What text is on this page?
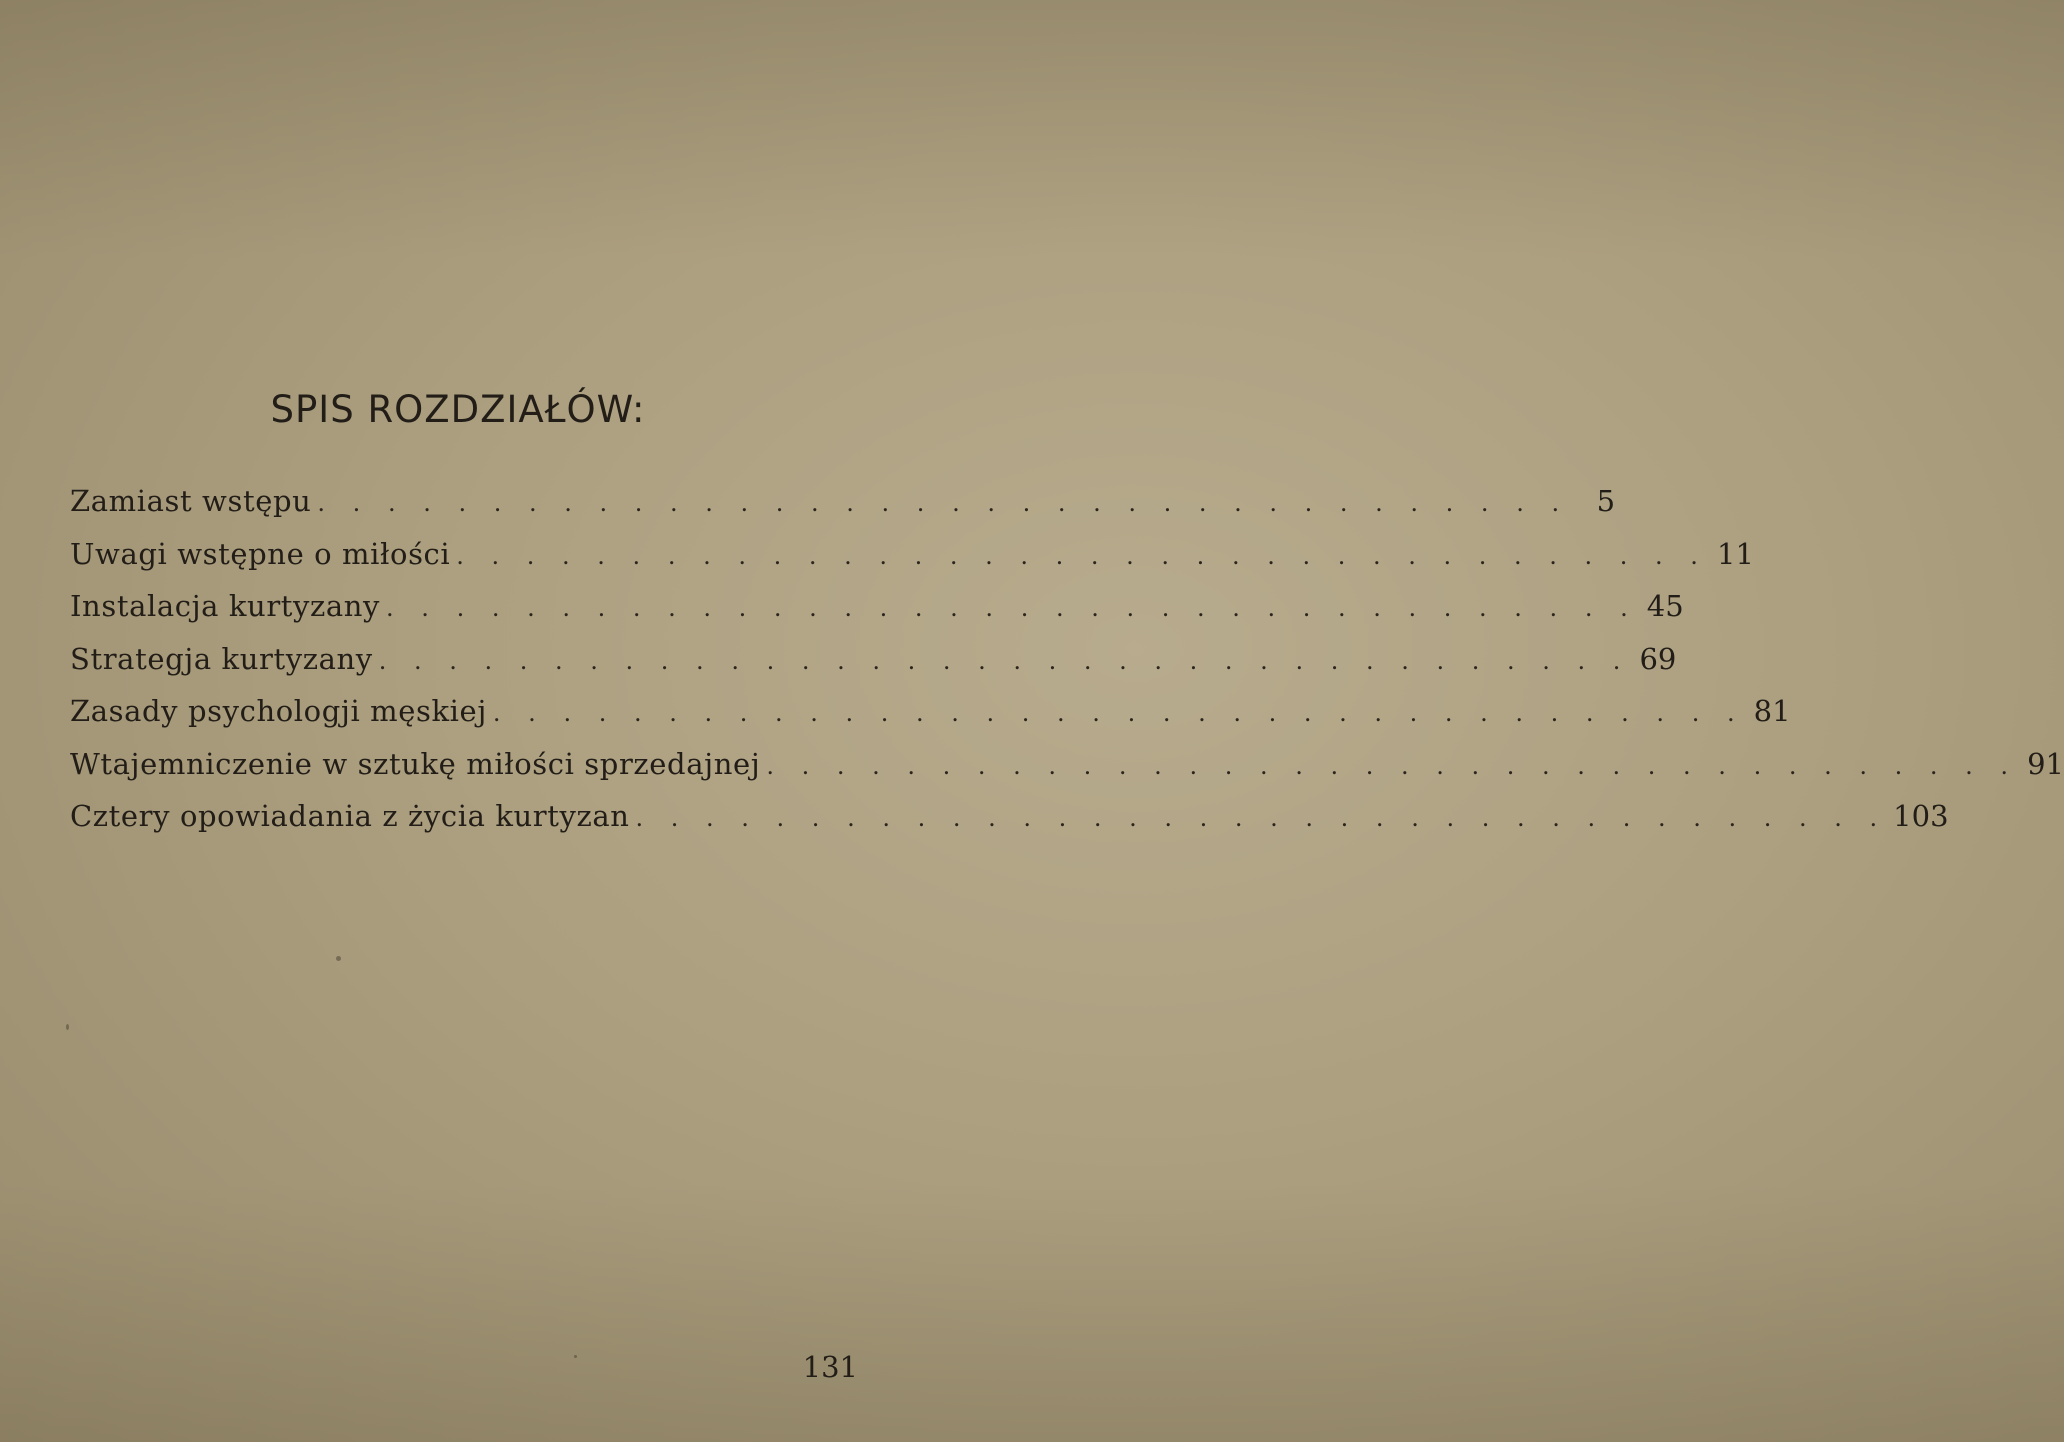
SPIS ROZDZIAŁÓW:
Zamiast wstępu . . . . . . . . . . . . . . . . . . . . . . . . . . . . . . . . . . . . 5
Uwagi wstępne o miłości . . . . . . . . . . . . . . . . . . . . . . . . . . . . . . . . . . . . 11
Instalacja kurtyzany . . . . . . . . . . . . . . . . . . . . . . . . . . . . . . . . . . . . 45
Strategja kurtyzany . . . . . . . . . . . . . . . . . . . . . . . . . . . . . . . . . . . . 69
Zasady psychologji męskiej . . . . . . . . . . . . . . . . . . . . . . . . . . . . . . . . . . . . 81
Wtajemniczenie w sztukę miłości sprzedajnej . . . . . . . . . . . . . . . . . . . . . . . . . . . . . . . . . . . . 91
Cztery opowiadania z życia kurtyzan . . . . . . . . . . . . . . . . . . . . . . . . . . . . . . . . . . . . 103

131
